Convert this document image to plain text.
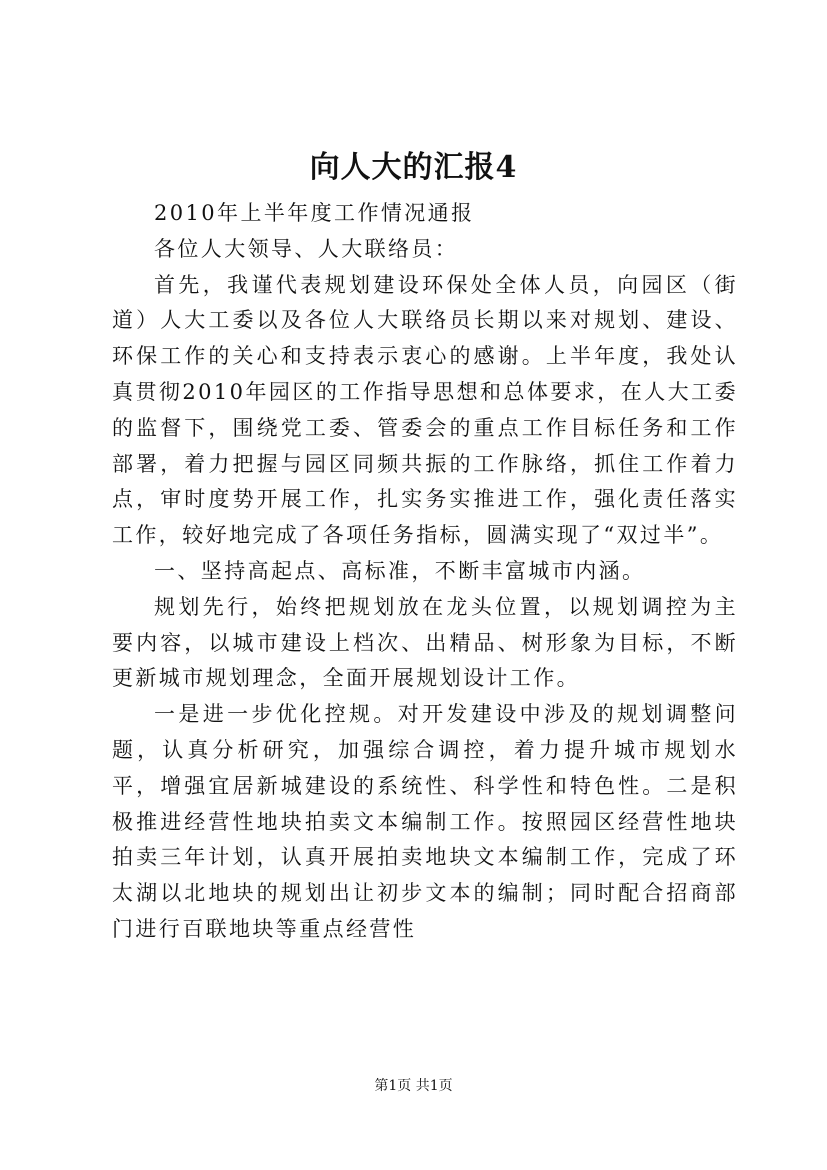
向人大的汇报4

2010年上半年度工作情况通报

各位人大领导、人大联络员：

首先，我谨代表规划建设环保处全体人员，向园区（街道）人大工委以及各位人大联络员长期以来对规划、建设、环保工作的关心和支持表示衷心的感谢。上半年度，我处认真贯彻2010年园区的工作指导思想和总体要求，在人大工委的监督下，围绕党工委、管委会的重点工作目标任务和工作部署，着力把握与园区同频共振的工作脉络，抓住工作着力点，审时度势开展工作，扎实务实推进工作，强化责任落实工作，较好地完成了各项任务指标，圆满实现了“双过半”。

一、坚持高起点、高标准，不断丰富城市内涵。

规划先行，始终把规划放在龙头位置，以规划调控为主要内容，以城市建设上档次、出精品、树形象为目标，不断更新城市规划理念，全面开展规划设计工作。

一是进一步优化控规。对开发建设中涉及的规划调整问题，认真分析研究，加强综合调控，着力提升城市规划水平，增强宜居新城建设的系统性、科学性和特色性。二是积极推进经营性地块拍卖文本编制工作。按照园区经营性地块拍卖三年计划，认真开展拍卖地块文本编制工作，完成了环太湖以北地块的规划出让初步文本的编制；同时配合招商部门进行百联地块等重点经营性

第1页 共1页
